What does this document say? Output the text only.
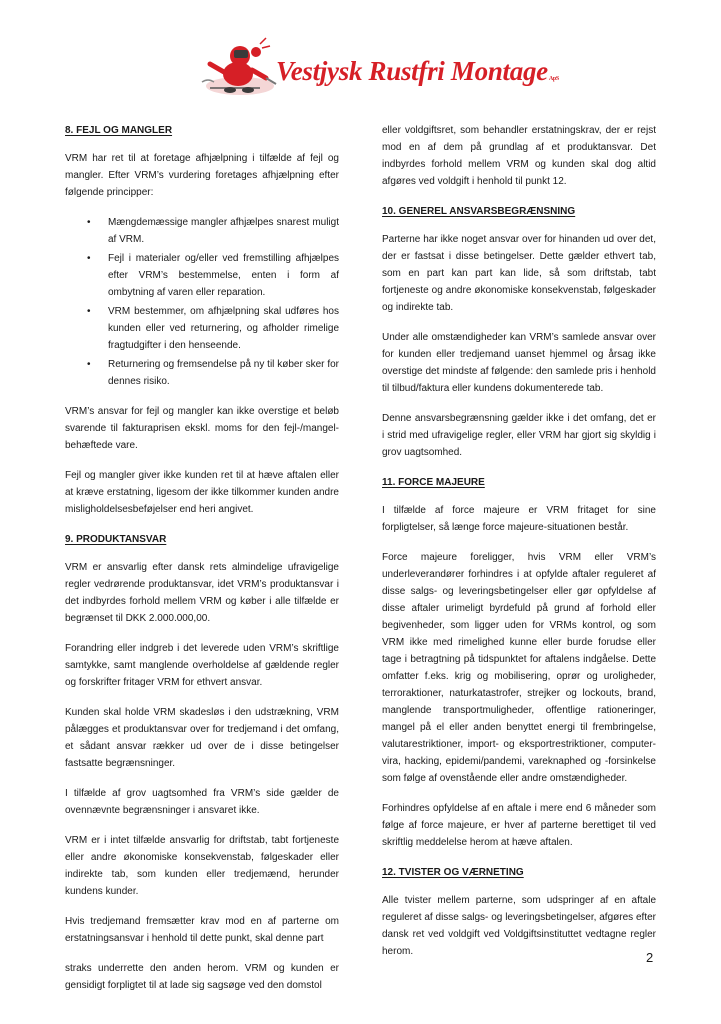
Vestjysk Rustfri MontageApS
8. FEJL OG MANGLER

VRM har ret til at foretage afhjælpning i tilfælde af fejl og mangler. Efter VRM’s vurdering foretages afhjælpning efter følgende principper:

• Mængdemæssige mangler afhjælpes snarest muligt af VRM.
• Fejl i materialer og/eller ved fremstilling afhjælpes efter VRM’s bestemmelse, enten i form af ombytning af varen eller reparation.
• VRM bestemmer, om afhjælpning skal udføres hos kunden eller ved returnering, og afholder rimelige fragtudgifter i den henseende.
• Returnering og fremsendelse på ny til køber sker for dennes risiko.

VRM’s ansvar for fejl og mangler kan ikke overstige et beløb svarende til fakturaprisen ekskl. moms for den fejl-/mangel-behæftede vare.

Fejl og mangler giver ikke kunden ret til at hæve aftalen eller at kræve erstatning, ligesom der ikke tilkommer kunden andre misligholdelsesbeføjelser end heri angivet.

9. PRODUKTANSVAR

VRM er ansvarlig efter dansk rets almindelige ufravigelige regler vedrørende produktansvar, idet VRM’s produktansvar i det indbyrdes forhold mellem VRM og køber i alle tilfælde er begrænset til DKK 2.000.000,00.

Forandring eller indgreb i det leverede uden VRM’s skriftlige samtykke, samt manglende overholdelse af gældende regler og forskrifter fritager VRM for ethvert ansvar.

Kunden skal holde VRM skadesløs i den udstrækning, VRM pålægges et produktansvar over for tredjemand i det omfang, et sådant ansvar rækker ud over de i disse betingelser fastsatte begrænsninger.

I tilfælde af grov uagtsomhed fra VRM’s side gælder de ovennævnte begrænsninger i ansvaret ikke.

VRM er i intet tilfælde ansvarlig for driftstab, tabt fortjeneste eller andre økonomiske konsekvenstab, følgeskader eller indirekte tab, som kunden eller tredjemænd, herunder kundens kunder.

Hvis tredjemand fremsætter krav mod en af parterne om erstatningsansvar i henhold til dette punkt, skal denne part

straks underrette den anden herom. VRM og kunden er gensidigt forpligtet til at lade sig sagsøge ved den domstol

eller voldgiftsret, som behandler erstatningskrav, der er rejst mod en af dem på grundlag af et produktansvar. Det indbyrdes forhold mellem VRM og kunden skal dog altid afgøres ved voldgift i henhold til punkt 12.

10. GENEREL ANSVARSBEGRÆNSNING

Parterne har ikke noget ansvar over for hinanden ud over det, der er fastsat i disse betingelser. Dette gælder ethvert tab, som en part kan part kan lide, så som driftstab, tabt fortjeneste og andre økonomiske konsekvenstab, følgeskader og indirekte tab.

Under alle omstændigheder kan VRM’s samlede ansvar over for kunden eller tredjemand uanset hjemmel og årsag ikke overstige det mindste af følgende: den samlede pris i henhold til tilbud/faktura eller kundens dokumenterede tab.

Denne ansvarsbegrænsning gælder ikke i det omfang, det er i strid med ufravigelige regler, eller VRM har gjort sig skyldig i grov uagtsomhed.

11. FORCE MAJEURE

I tilfælde af force majeure er VRM fritaget for sine forpligtelser, så længe force majeure-situationen består.

Force majeure foreligger, hvis VRM eller VRM’s underleverandører forhindres i at opfylde aftaler reguleret af disse salgs- og leveringsbetingelser eller gør opfyldelse af disse aftaler urimeligt byrdefuld på grund af forhold eller begivenheder, som ligger uden for VRMs kontrol, og som VRM ikke med rimelighed kunne eller burde forudse eller tage i betragtning på tidspunktet for aftalens indgåelse. Dette omfatter f.eks. krig og mobilisering, oprør og uroligheder, terroraktioner, naturkatastrofer, strejker og lockouts, brand, manglende transportmuligheder, offentlige rationeringer, mangel på el eller anden benyttet energi til frembringelse, valutarestriktioner, import- og eksportrestriktioner, computer-vira, hacking, epidemi/pandemi, vareknaphed og -forsinkelse som følge af ovenstående eller andre omstændigheder.

Forhindres opfyldelse af en aftale i mere end 6 måneder som følge af force majeure, er hver af parterne berettiget til ved skriftlig meddelelse herom at hæve aftalen.

12. TVISTER OG VÆRNETING

Alle tvister mellem parterne, som udspringer af en aftale reguleret af disse salgs- og leveringsbetingelser, afgøres efter dansk ret ved voldgift ved Voldgiftsinstituttet vedtagne regler herom.	2
